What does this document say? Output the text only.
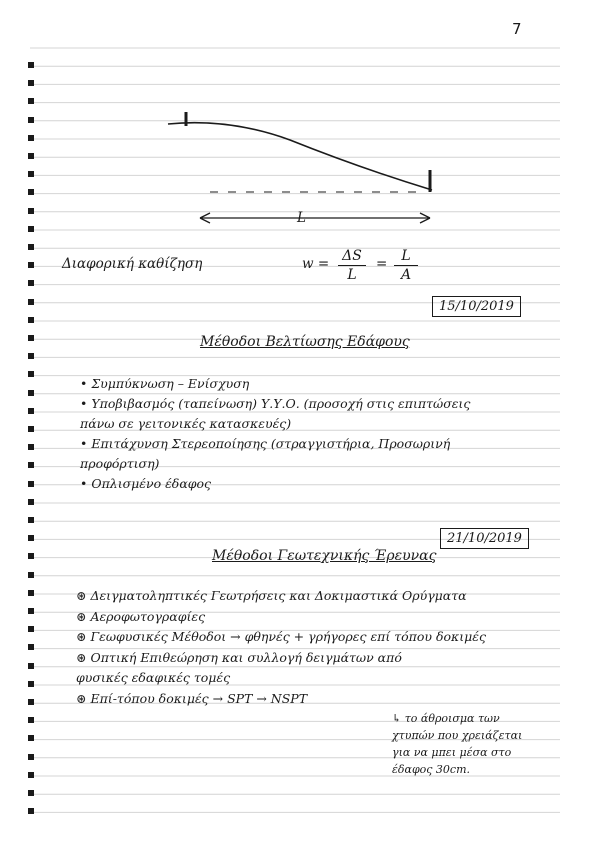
7
L
Διαφορική καθίζηση	w = ΔS
L
=	L
A
15/10/2019
Μέθοδοι Βελτίωσης Εδάφους
• Συμπύκνωση – Ενίσχυση
• Υποβιβασμός (ταπείνωση) Υ.Υ.Ο. (προσοχή στις επιπτώσεις
πάνω σε γειτονικές κατασκευές)
• Επιτάχυνση Στερεοποίησης (στραγγιστήρια, Προσωρινή
προφόρτιση)
• Οπλισμένο έδαφος
21/10/2019
Μέθοδοι Γεωτεχνικής Έρευνας
⊛ Δειγματοληπτικές Γεωτρήσεις και Δοκιμαστικά Ορύγματα
⊛ Αεροφωτογραφίες
⊛ Γεωφυσικές Μέθοδοι → φθηνές + γρήγορες επί τόπου δοκιμές
⊛ Οπτική Επιθεώρηση και συλλογή δειγμάτων από
φυσικές εδαφικές τομές
⊛ Επί-τόπου δοκιμές → SPT → NSPT
↳ το άθροισμα των
χτυπών που χρειάζεται
για να μπει μέσα στο
έδαφος 30cm.
